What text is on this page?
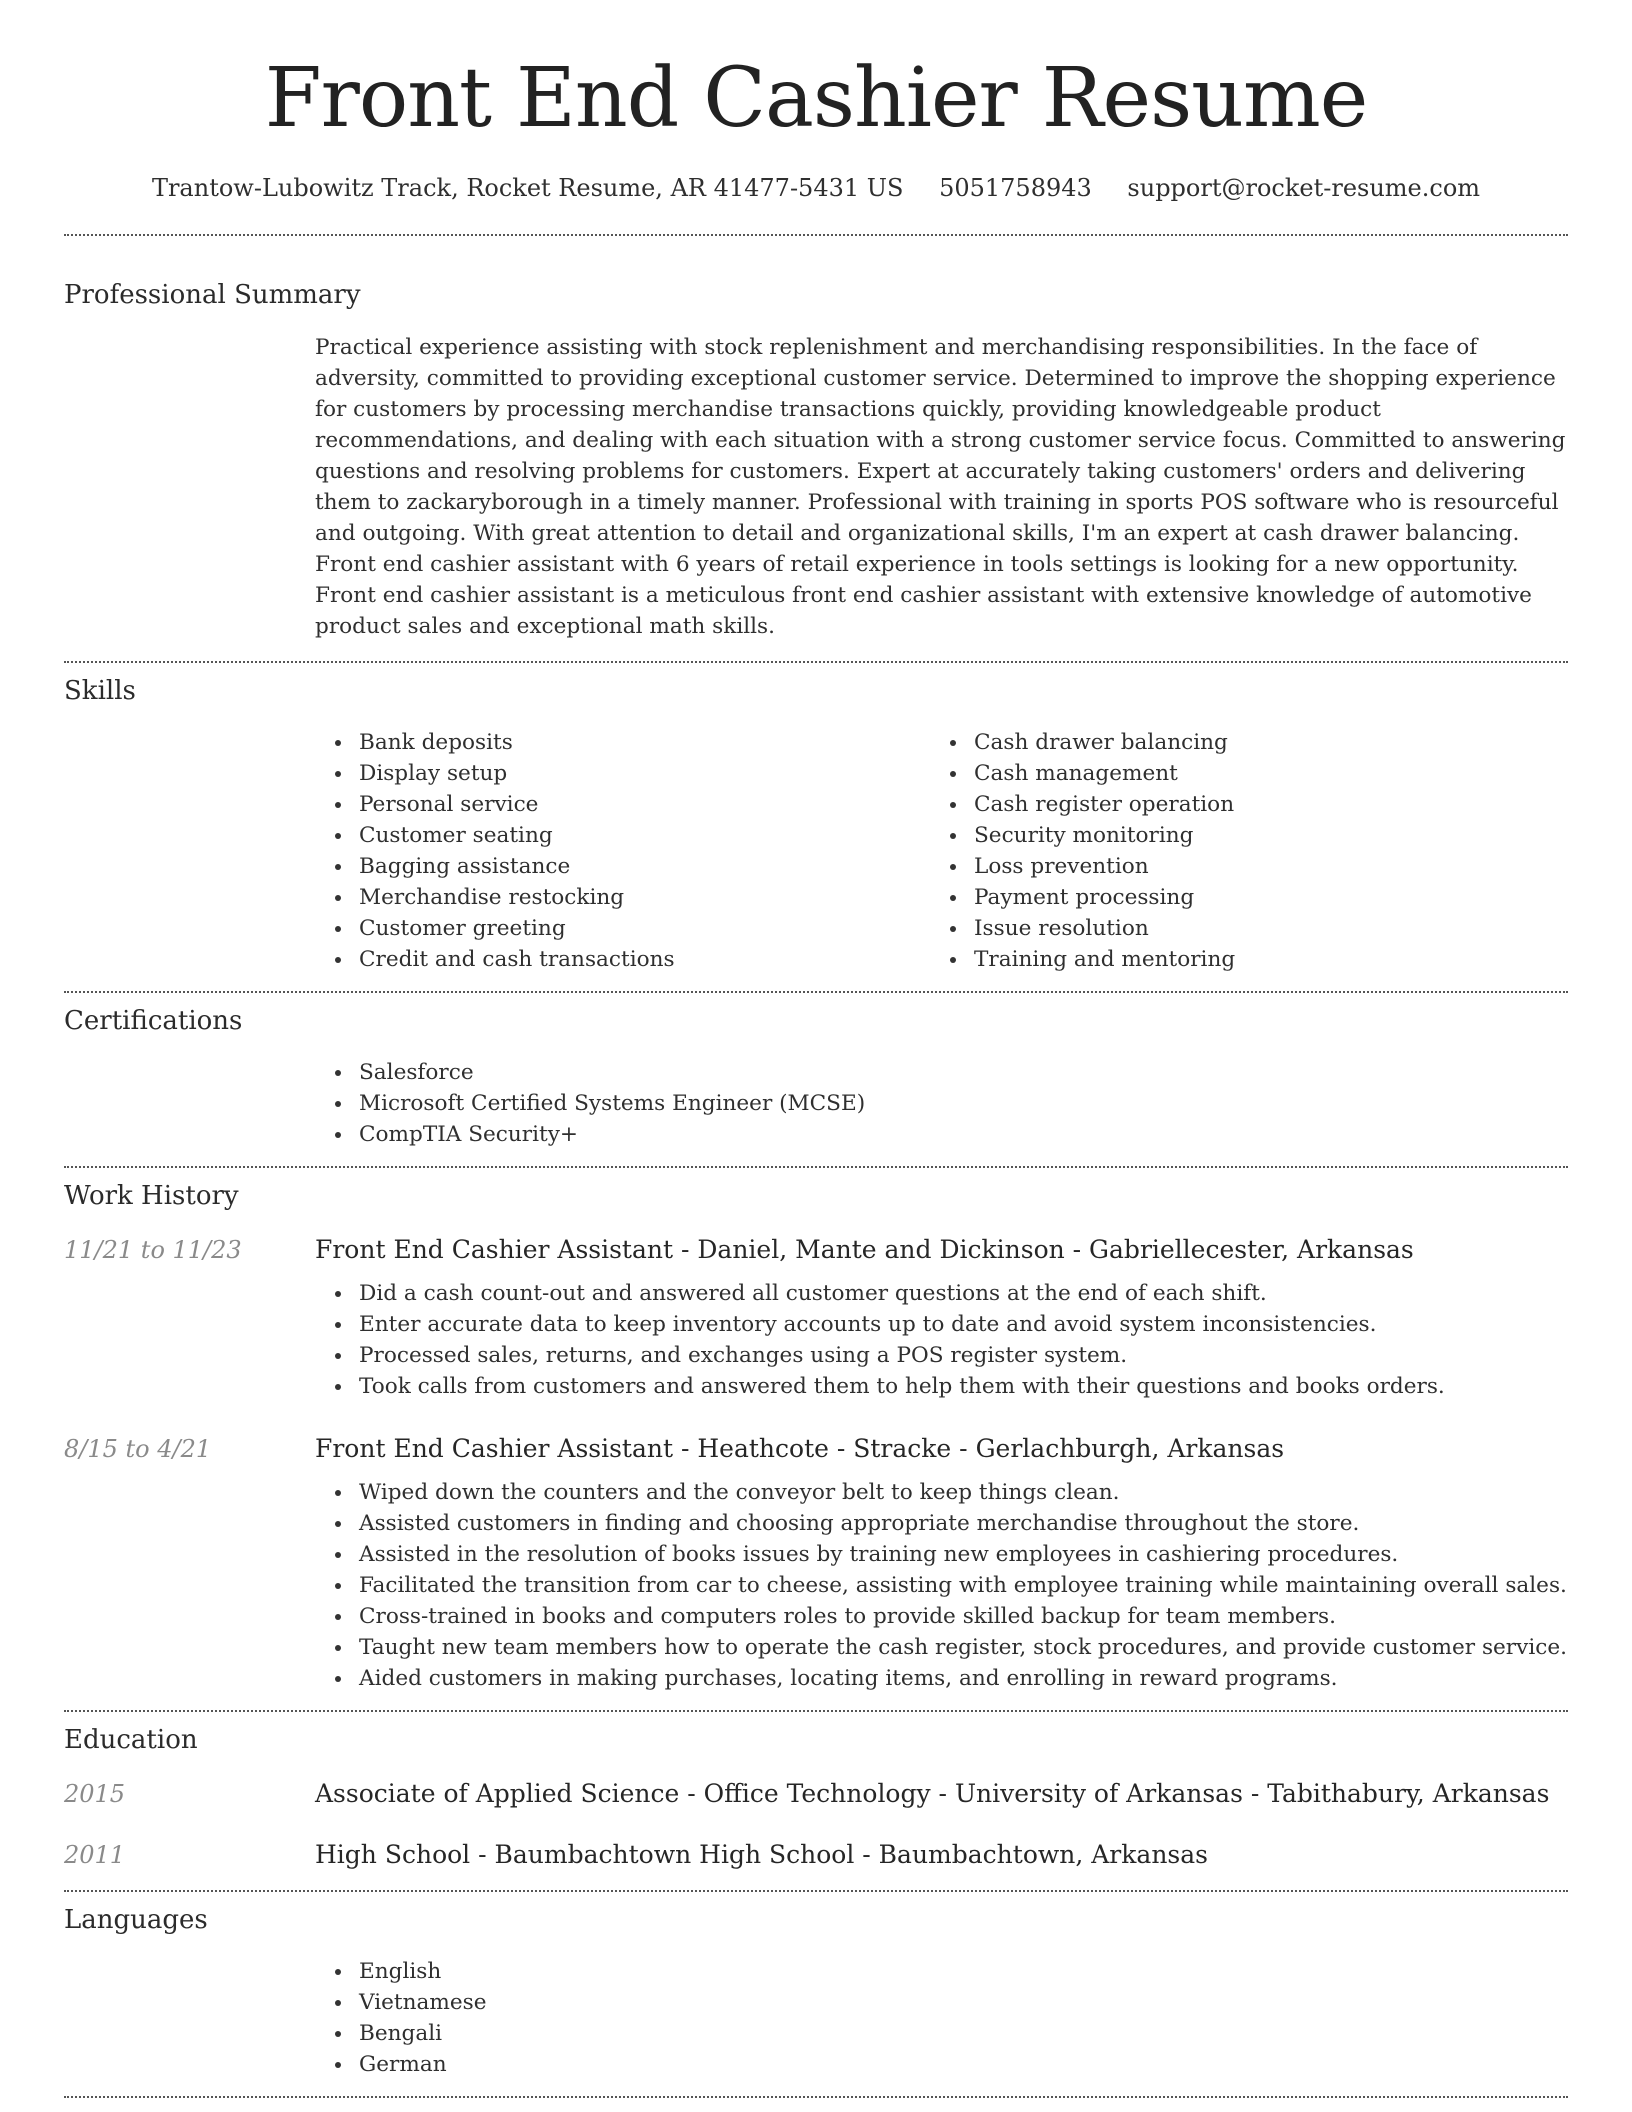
Front End Cashier Resume
Trantow-Lubowitz Track, Rocket Resume, AR 41477-5431 US 5051758943 support@rocket-resume.com
Professional Summary
Practical experience assisting with stock replenishment and merchandising responsibilities. In the face of adversity, committed to providing exceptional customer service. Determined to improve the shopping experience for customers by processing merchandise transactions quickly, providing knowledgeable product recommendations, and dealing with each situation with a strong customer service focus. Committed to answering questions and resolving problems for customers. Expert at accurately taking customers' orders and delivering them to zackaryborough in a timely manner. Professional with training in sports POS software who is resourceful and outgoing. With great attention to detail and organizational skills, I'm an expert at cash drawer balancing. Front end cashier assistant with 6 years of retail experience in tools settings is looking for a new opportunity. Front end cashier assistant is a meticulous front end cashier assistant with extensive knowledge of automotive product sales and exceptional math skills.
Skills
Bank deposits
Display setup
Personal service
Customer seating
Bagging assistance
Merchandise restocking
Customer greeting
Credit and cash transactions
Cash drawer balancing
Cash management
Cash register operation
Security monitoring
Loss prevention
Payment processing
Issue resolution
Training and mentoring
Certifications
Salesforce
Microsoft Certified Systems Engineer (MCSE)
CompTIA Security+
Work History
11/21 to 11/23	Front End Cashier Assistant - Daniel, Mante and Dickinson - Gabriellecester, Arkansas
Did a cash count-out and answered all customer questions at the end of each shift.
Enter accurate data to keep inventory accounts up to date and avoid system inconsistencies.
Processed sales, returns, and exchanges using a POS register system.
Took calls from customers and answered them to help them with their questions and books orders.
8/15 to 4/21	Front End Cashier Assistant - Heathcote - Stracke - Gerlachburgh, Arkansas
Wiped down the counters and the conveyor belt to keep things clean.
Assisted customers in finding and choosing appropriate merchandise throughout the store.
Assisted in the resolution of books issues by training new employees in cashiering procedures.
Facilitated the transition from car to cheese, assisting with employee training while maintaining overall sales.
Cross-trained in books and computers roles to provide skilled backup for team members.
Taught new team members how to operate the cash register, stock procedures, and provide customer service.
Aided customers in making purchases, locating items, and enrolling in reward programs.
Education
2015	Associate of Applied Science - Office Technology - University of Arkansas - Tabithabury, Arkansas
2011	High School - Baumbachtown High School - Baumbachtown, Arkansas
Languages
English
Vietnamese
Bengali
German
